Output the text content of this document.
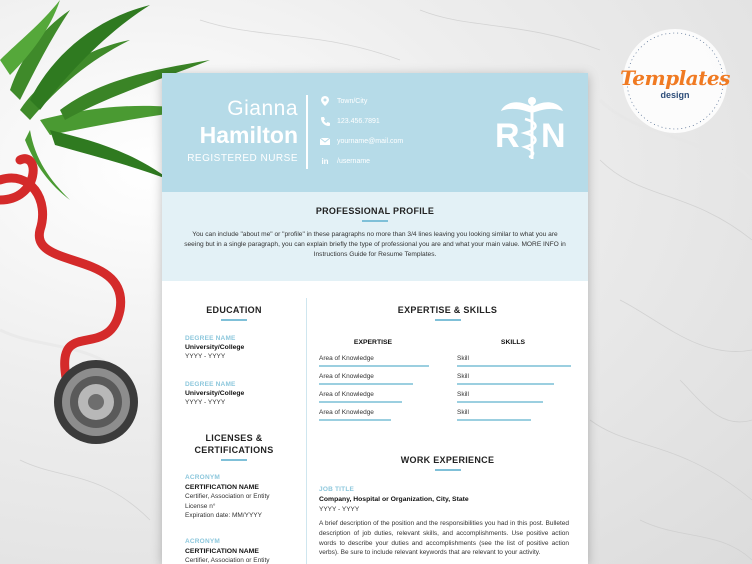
Templates
design
Gianna
Hamilton
REGISTERED NURSE
Town/City
123.456.7891
yourname@mail.com
in /username
R N
PROFESSIONAL PROFILE
You can include "about me" or "profile" in these paragraphs no more than 3/4 lines leaving you looking similar to what you are seeing but in a single paragraph, you can explain briefly the type of professional you are and what your main value. MORE INFO in Instructions Guide for Resume Templates.
EDUCATION
DEGREE NAME
University/College
YYYY - YYYY
DEGREE NAME
University/College
YYYY - YYYY
LICENSES &
CERTIFICATIONS
ACRONYM
CERTIFICATION NAME
Certifier, Association or Entity
License n°
Expiration date: MM/YYYY
ACRONYM
CERTIFICATION NAME
Certifier, Association or Entity
EXPERTISE & SKILLS
EXPERTISE	SKILLS
Area of Knowledge
Area of Knowledge
Area of Knowledge
Area of Knowledge
Skill
Skill
Skill
Skill
WORK EXPERIENCE
JOB TITLE
Company, Hospital or Organization, City, State
YYYY - YYYY
A brief description of the position and the responsibilities you had in this post. Bulleted description of job duties, relevant skills, and accomplishments. Use positive action words to describe your duties and accomplishments (see the list of positive action verbs). Be sure to include relevant keywords that are relevant to your activity.
